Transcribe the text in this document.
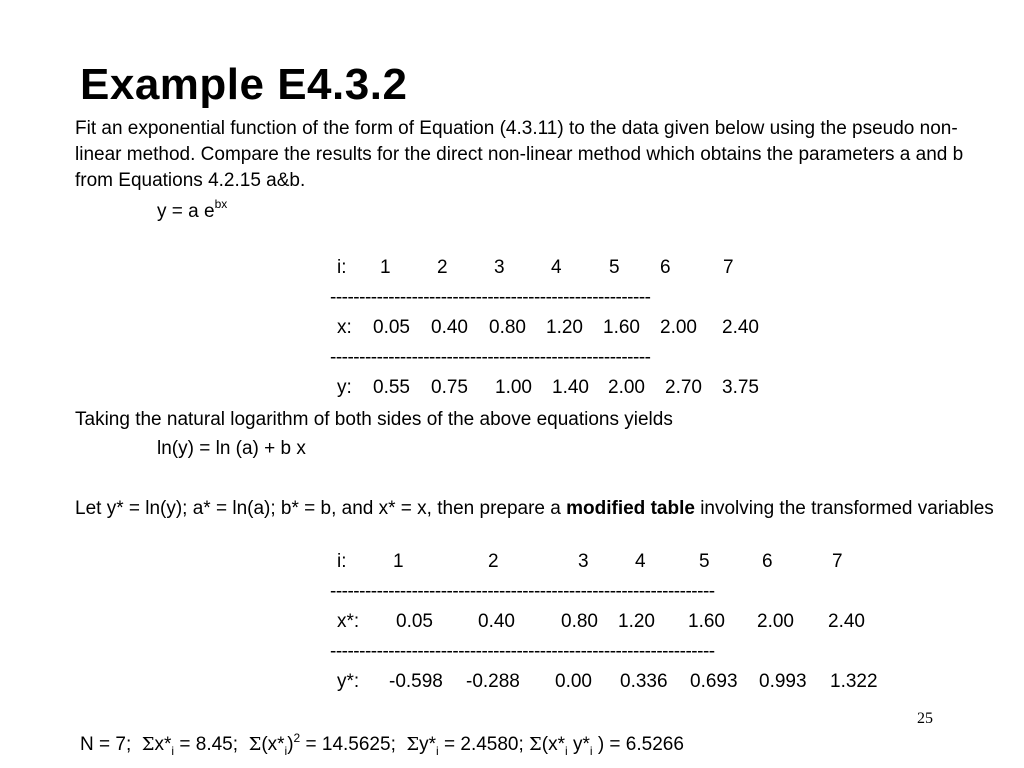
Example E4.3.2
Fit an exponential function of the form of Equation (4.3.11) to the data given below using the pseudo non-linear method. Compare the results for the direct non-linear method which obtains the parameters a and b from Equations 4.2.15 a&b.
y = a $e^{bx}$
i: 1 2 3 4 5 6	7
-------------------------------------------------------
x: 0.05 0.40 0.80 1.20 1.60 2.00 2.40
-------------------------------------------------------
y: 0.55 0.75 1.00 1.40 2.00 2.70 3.75
Taking the natural logarithm of both sides of the above equations yields
ln(y) = ln (a) + b x
Let y* = ln(y); a* = ln(a); b* = b, and x* = x, then prepare a modified table involving the transformed variables
i: 1	2	3 4	5	6	7
------------------------------------------------------------------
x*: 0.05 0.40 0.80 1.20 1.60 2.00 2.40
------------------------------------------------------------------
y*: -0.598 -0.288 0.00 0.336 0.693 0.993 1.322
25
N = 7;  $\Sigma x*_i = 8.45$;  $\Sigma(x*_i)^2 = 14.5625$;  $\Sigma y*_i = 2.4580$; $\Sigma(x*_i$ $y*_i$ ) = 6.5266
